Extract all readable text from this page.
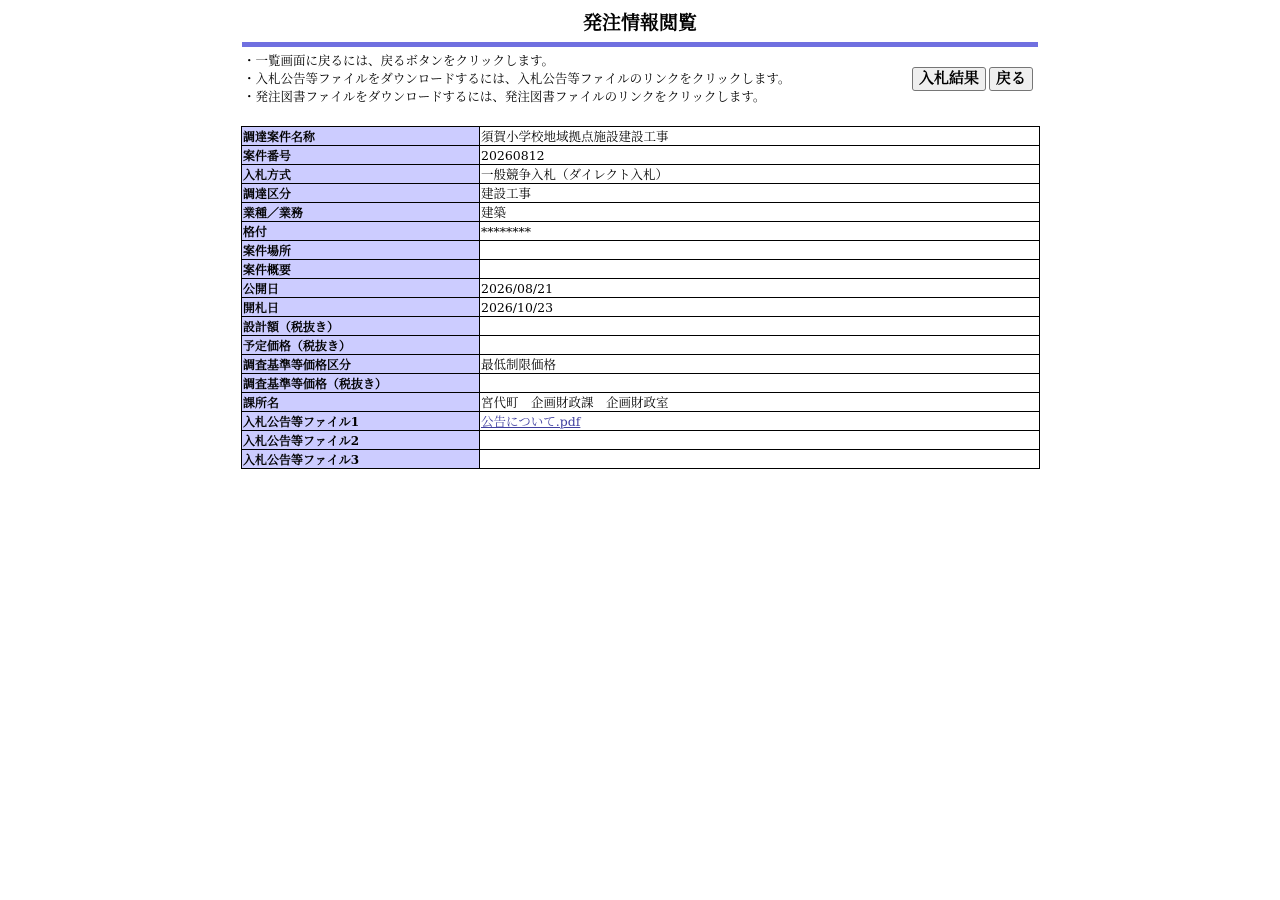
発注情報閲覧
・一覧画面に戻るには、戻るボタンをクリックします。
・入札公告等ファイルをダウンロードするには、入札公告等ファイルのリンクをクリックします。
・発注図書ファイルをダウンロードするには、発注図書ファイルのリンクをクリックします。
入札結果	戻る
調達案件名称	須賀小学校地域拠点施設建設工事
案件番号	20260812
入札方式	一般競争入札（ダイレクト入札）
調達区分	建設工事
業種／業務	建築
格付	********
案件場所	
案件概要	
公開日	2026/08/21
開札日	2026/10/23
設計額（税抜き）	
予定価格（税抜き）	
調査基準等価格区分	最低制限価格
調査基準等価格（税抜き）	
課所名	宮代町　企画財政課　企画財政室
入札公告等ファイル1	公告について.pdf
入札公告等ファイル2	
入札公告等ファイル3	
